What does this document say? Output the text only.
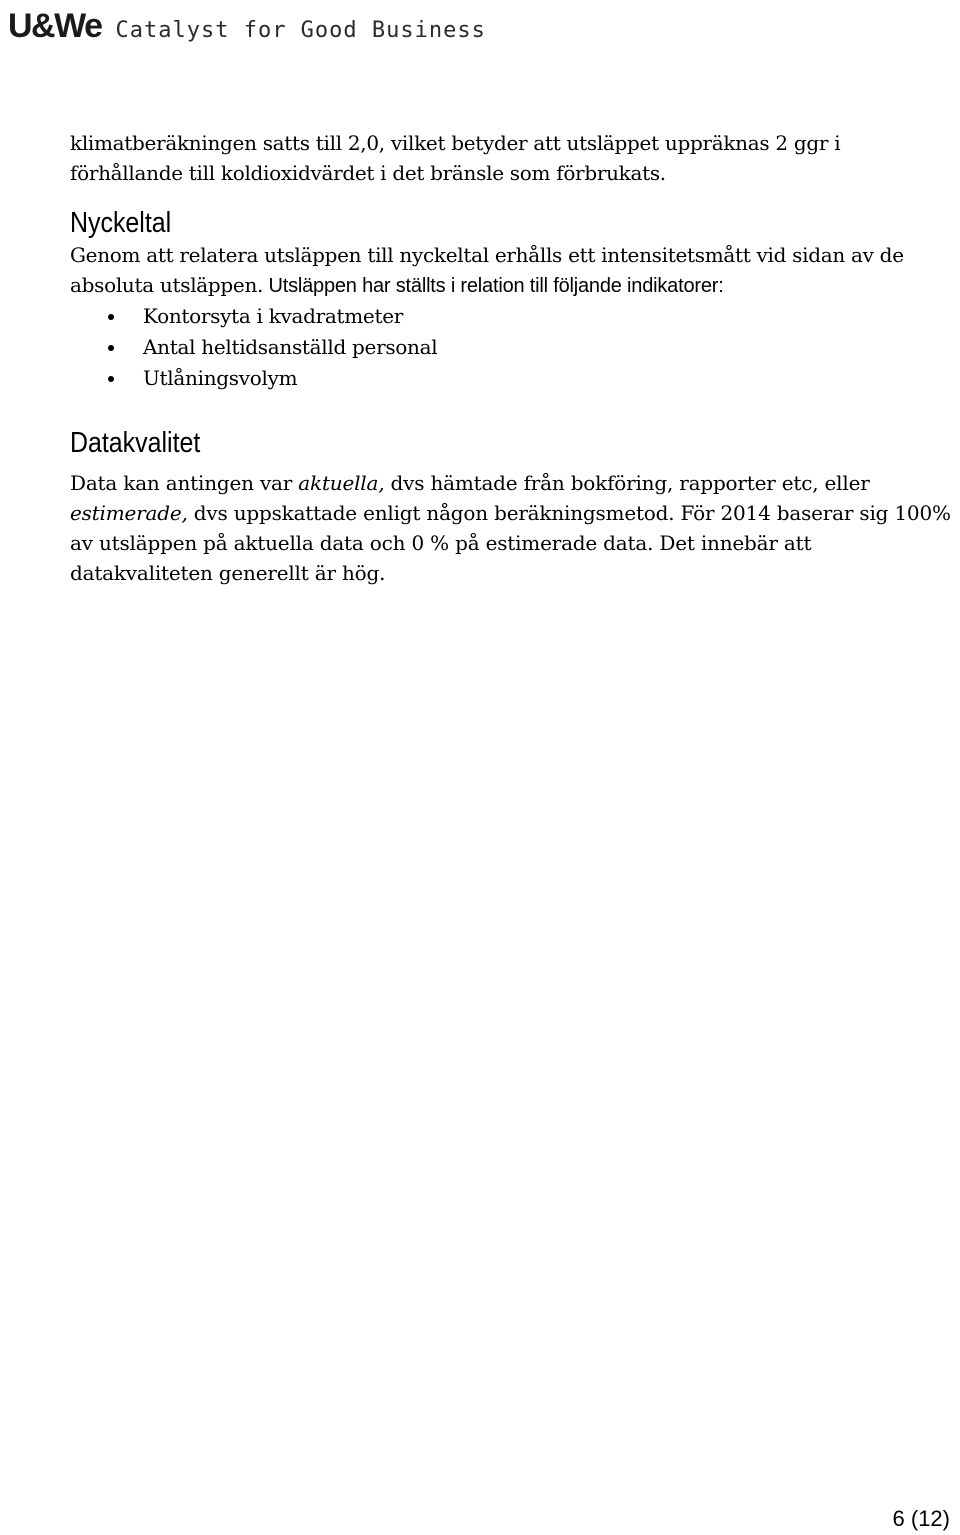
U&We Catalyst for Good Business

klimatberäkningen satts till 2,0, vilket betyder att utsläppet uppräknas 2 ggr i förhållande till koldioxidvärdet i det bränsle som förbrukats.

Nyckeltal

Genom att relatera utsläppen till nyckeltal erhålls ett intensitetsmått vid sidan av de absoluta utsläppen. Utsläppen har ställts i relation till följande indikatorer:

Kontorsyta i kvadratmeter
Antal heltidsanställd personal
Utlåningsvolym
Datakvalitet

Data kan antingen var aktuella, dvs hämtade från bokföring, rapporter etc, eller estimerade, dvs uppskattade enligt någon beräkningsmetod. För 2014 baserar sig 100% av utsläppen på aktuella data och 0 % på estimerade data. Det innebär att datakvaliteten generellt är hög.

6 (12)
